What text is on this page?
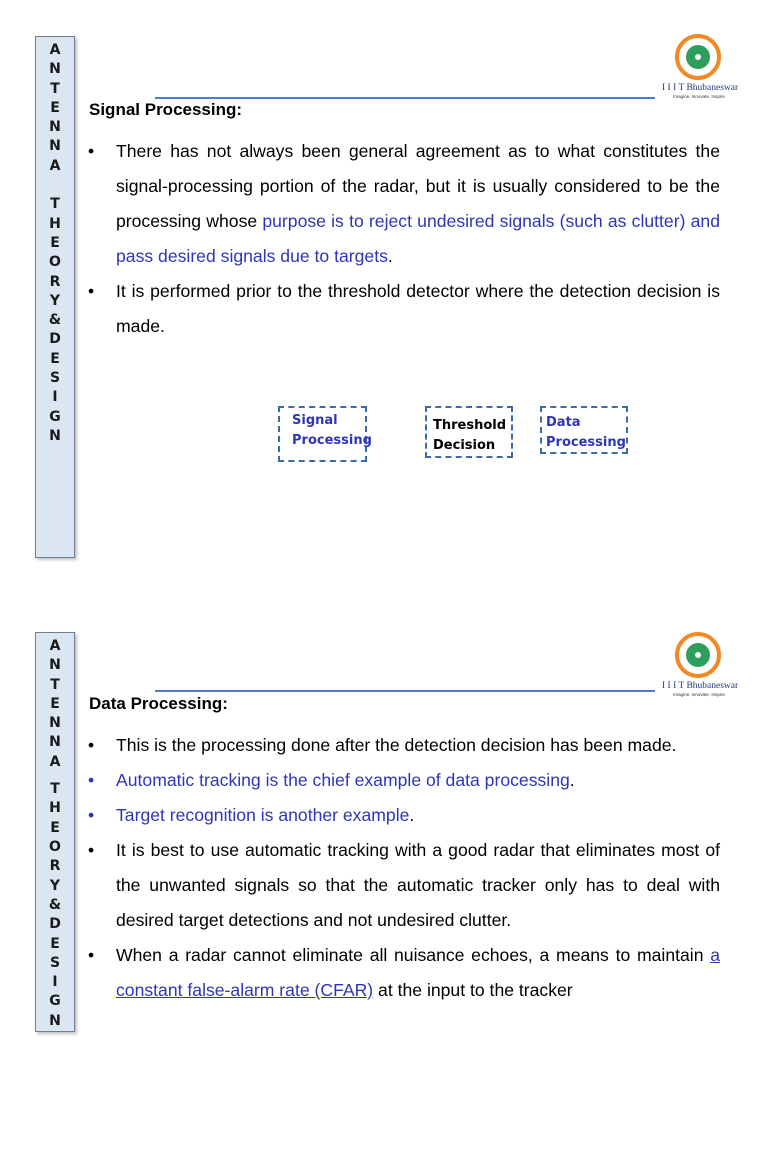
A
N
T
E
N
N
A
T
H
E
O
R
Y
&
D
E
S
I
G
N
I I I T Bhubaneswar
Imagine, Innovate, Inspire
Signal Processing:
• There has not always been general agreement as to what constitutes the signal-processing portion of the radar, but it is usually considered to be the processing whose purpose is to reject undesired signals (such as clutter) and pass desired signals due to targets.
• It is performed prior to the threshold detector where the detection decision is made.
Signal
Processing
Threshold
Decision
Data
Processing
A
N
T
E
N
N
A
T
H
E
O
R
Y
&
D
E
S
I
G
N
I I I T Bhubaneswar
Imagine, Innovate, Inspire
Data Processing:
• This is the processing done after the detection decision has been made.
• Automatic tracking is the chief example of data processing.
• Target recognition is another example.
• It is best to use automatic tracking with a good radar that eliminates most of the unwanted signals so that the automatic tracker only has to deal with desired target detections and not undesired clutter.
• When a radar cannot eliminate all nuisance echoes, a means to maintain a constant false-alarm rate (CFAR) at the input to the tracker
